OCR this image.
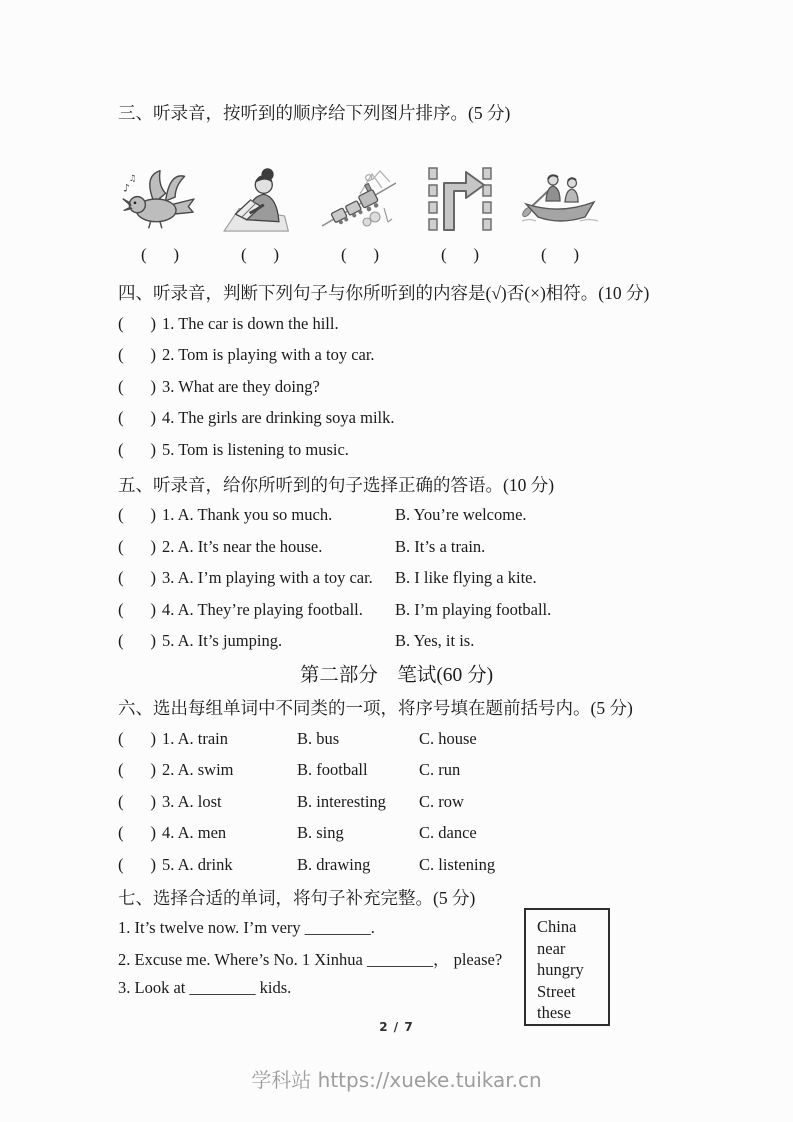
三、听录音，按听到的顺序给下列图片排序。(5 分)
♪
♫
( )	( )	( )	( )	( )
四、听录音，判断下列句子与你所听到的内容是(√)否(×)相符。(10 分)
( ) 1. The car is down the hill.
( ) 2. Tom is playing with a toy car.
( ) 3. What are they doing?
( ) 4. The girls are drinking soya milk.
( ) 5. Tom is listening to music.
五、听录音，给你所听到的句子选择正确的答语。(10 分)
( ) 1. A. Thank you so much.	B. You’re welcome.
( ) 2. A. It’s near the house.	B. It’s a train.
( ) 3. A. I’m playing with a toy car.	B. I like flying a kite.
( ) 4. A. They’re playing football.	B. I’m playing football.
( ) 5. A. It’s jumping.	B. Yes, it is.
第二部分　笔试(60 分)
六、选出每组单词中不同类的一项，将序号填在题前括号内。(5 分)
( ) 1. A. train	B. bus	C. house
( ) 2. A. swim	B. football	C. run
( ) 3. A. lost	B. interesting	C. row
( ) 4. A. men	B. sing	C. dance
( ) 5. A. drink	B. drawing	C. listening
七、选择合适的单词，将句子补充完整。(5 分)
1. It’s twelve now. I’m very ________.
2. Excuse me. Where’s No. 1 Xinhua ________， please?
3. Look at ________ kids.
China
near
hungry
Street
these
2 / 7
学科站 https://xueke.tuikar.cn
